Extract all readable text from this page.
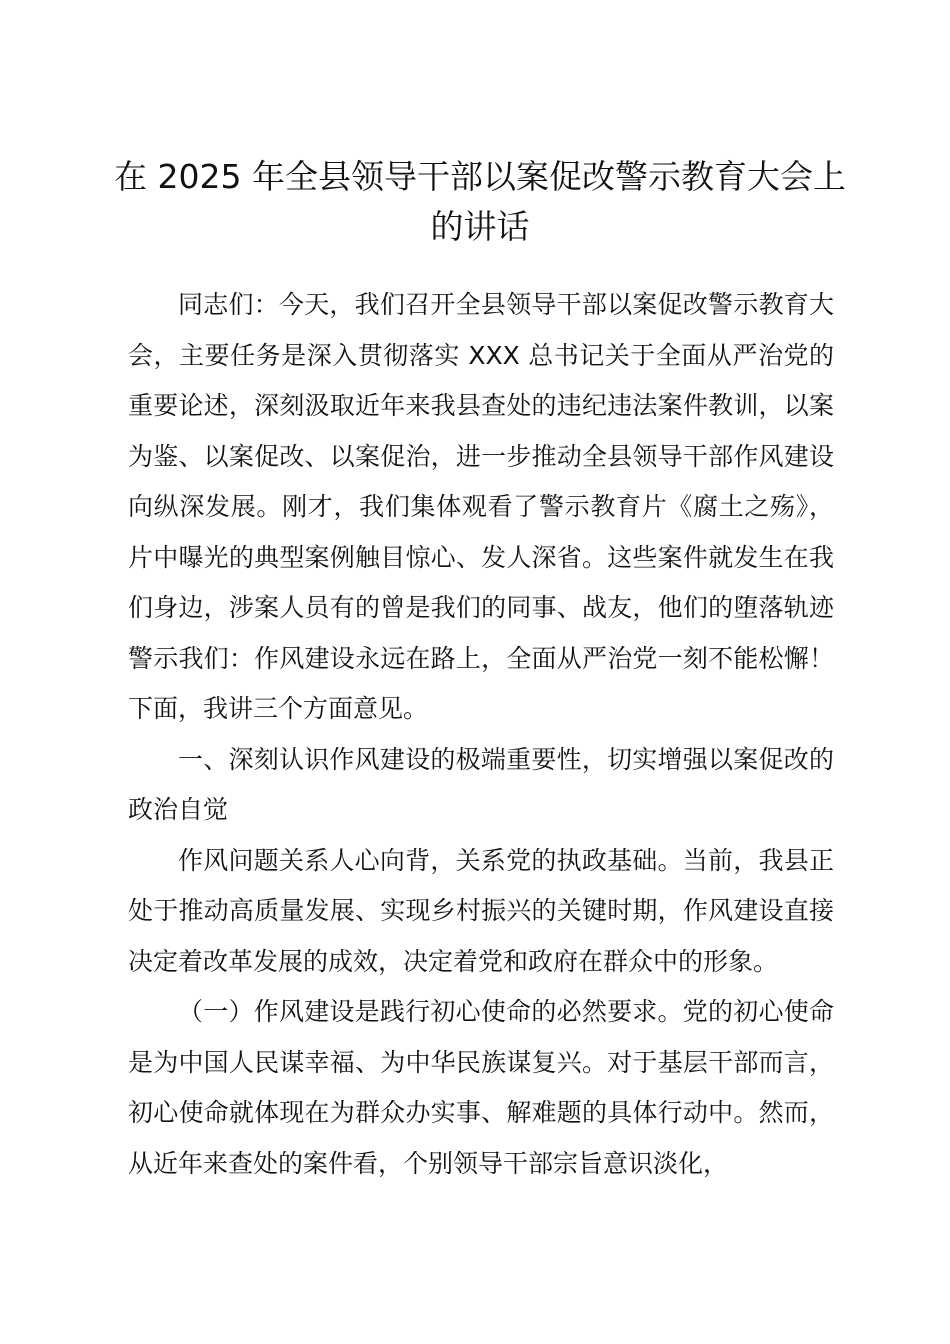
在 2025 年全县领导干部以案促改警示教育大会上的讲话

同志们：今天，我们召开全县领导干部以案促改警示教育大会，主要任务是深入贯彻落实 XXX 总书记关于全面从严治党的重要论述，深刻汲取近年来我县查处的违纪违法案件教训，以案为鉴、以案促改、以案促治，进一步推动全县领导干部作风建设向纵深发展。刚才，我们集体观看了警示教育片《腐土之殇》，片中曝光的典型案例触目惊心、发人深省。这些案件就发生在我们身边，涉案人员有的曾是我们的同事、战友，他们的堕落轨迹警示我们：作风建设永远在路上，全面从严治党一刻不能松懈！下面，我讲三个方面意见。

一、深刻认识作风建设的极端重要性，切实增强以案促改的政治自觉

作风问题关系人心向背，关系党的执政基础。当前，我县正处于推动高质量发展、实现乡村振兴的关键时期，作风建设直接决定着改革发展的成效，决定着党和政府在群众中的形象。

（一）作风建设是践行初心使命的必然要求。党的初心使命是为中国人民谋幸福、为中华民族谋复兴。对于基层干部而言，初心使命就体现在为群众办实事、解难题的具体行动中。然而，从近年来查处的案件看，个别领导干部宗旨意识淡化，
